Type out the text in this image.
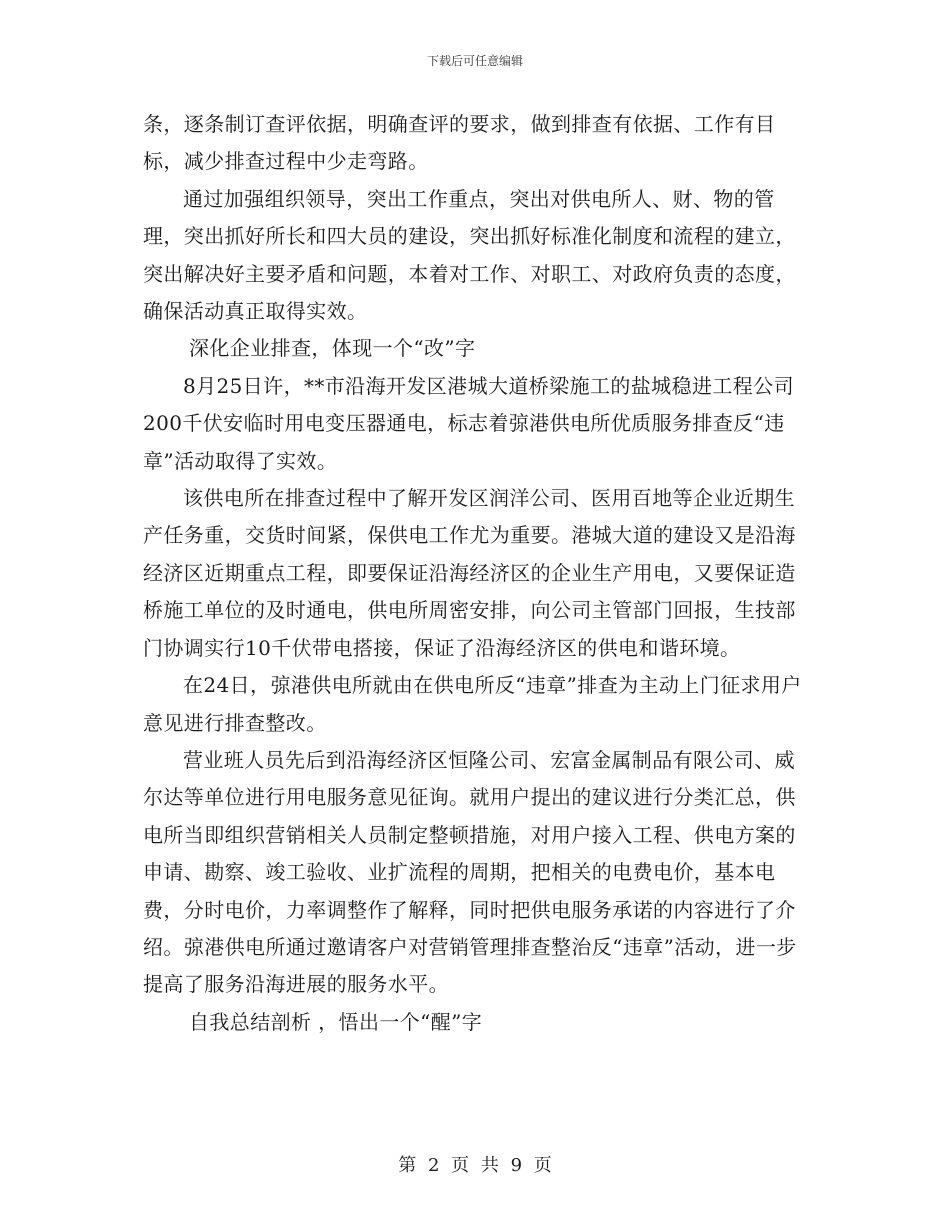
下载后可任意编辑

条，逐条制订查评依据，明确查评的要求，做到排查有依据、工作有目标，减少排查过程中少走弯路。

通过加强组织领导，突出工作重点，突出对供电所人、财、物的管理，突出抓好所长和四大员的建设，突出抓好标准化制度和流程的建立，突出解决好主要矛盾和问题，本着对工作、对职工、对政府负责的态度，确保活动真正取得实效。

深化企业排查，体现一个“改”字

8月25日许，**市沿海开发区港城大道桥梁施工的盐城稳进工程公司200千伏安临时用电变压器通电，标志着弶港供电所优质服务排查反“违章”活动取得了实效。

该供电所在排查过程中了解开发区润洋公司、医用百地等企业近期生产任务重，交货时间紧，保供电工作尤为重要。港城大道的建设又是沿海经济区近期重点工程，即要保证沿海经济区的企业生产用电，又要保证造桥施工单位的及时通电，供电所周密安排，向公司主管部门回报，生技部门协调实行10千伏带电搭接，保证了沿海经济区的供电和谐环境。

在24日，弶港供电所就由在供电所反“违章”排查为主动上门征求用户意见进行排查整改。

营业班人员先后到沿海经济区恒隆公司、宏富金属制品有限公司、威尔达等单位进行用电服务意见征询。就用户提出的建议进行分类汇总，供电所当即组织营销相关人员制定整顿措施，对用户接入工程、供电方案的申请、勘察、竣工验收、业扩流程的周期，把相关的电费电价，基本电费，分时电价，力率调整作了解释，同时把供电服务承诺的内容进行了介绍。弶港供电所通过邀请客户对营销管理排查整治反“违章”活动，进一步提高了服务沿海进展的服务水平。

自我总结剖析 ，悟出一个“醒”字

第 2 页 共 9 页
